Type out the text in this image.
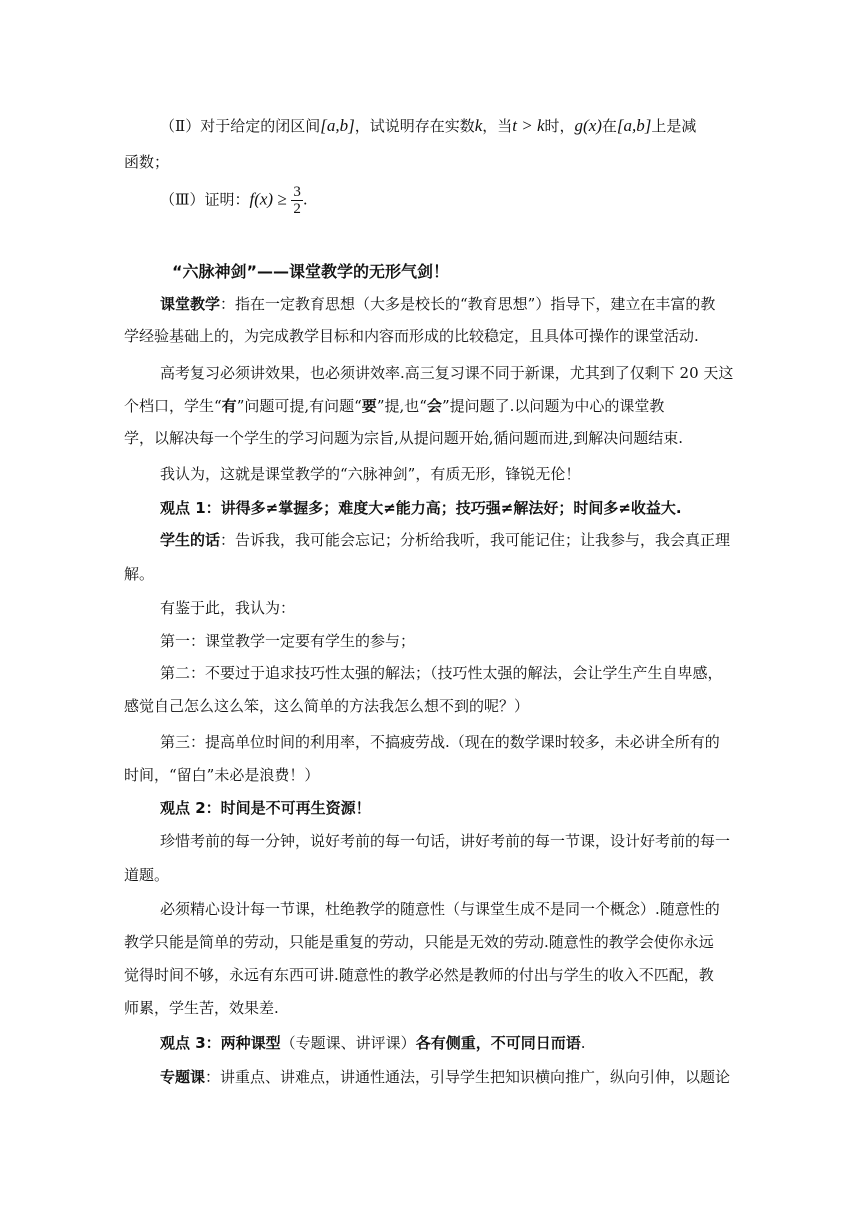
（Ⅱ）对于给定的闭区间[a,b]，试说明存在实数k，当t > k时，g(x)在[a,b]上是减
函数；
（Ⅲ）证明：$f(x) \ge \frac{3}{2}$ .
“六脉神剑”——课堂教学的无形气剑！
课堂教学：指在一定教育思想（大多是校长的“教育思想”）指导下，建立在丰富的教
学经验基础上的，为完成教学目标和内容而形成的比较稳定，且具体可操作的课堂活动.
高考复习必须讲效果，也必须讲效率.高三复习课不同于新课，尤其到了仅剩下 20 天这
个档口，学生“有”问题可提,有问题“要”提,也“会”提问题了.以问题为中心的课堂教
学，以解决每一个学生的学习问题为宗旨,从提问题开始,循问题而进,到解决问题结束.
我认为，这就是课堂教学的“六脉神剑”，有质无形，锋锐无伦！
观点 1：讲得多≠掌握多；难度大≠能力高；技巧强≠解法好；时间多≠收益大.
学生的话：告诉我，我可能会忘记；分析给我听，我可能记住；让我参与，我会真正理
解。
有鉴于此，我认为：
第一：课堂教学一定要有学生的参与；
第二：不要过于追求技巧性太强的解法；（技巧性太强的解法，会让学生产生自卑感，
感觉自己怎么这么笨，这么简单的方法我怎么想不到的呢？）
第三：提高单位时间的利用率，不搞疲劳战.（现在的数学课时较多，未必讲全所有的
时间，“留白”未必是浪费！）
观点 2：时间是不可再生资源！
珍惜考前的每一分钟，说好考前的每一句话，讲好考前的每一节课，设计好考前的每一
道题。
必须精心设计每一节课，杜绝教学的随意性（与课堂生成不是同一个概念）.随意性的
教学只能是简单的劳动，只能是重复的劳动，只能是无效的劳动.随意性的教学会使你永远
觉得时间不够，永远有东西可讲.随意性的教学必然是教师的付出与学生的收入不匹配，教
师累，学生苦，效果差.
观点 3：两种课型（专题课、讲评课）各有侧重，不可同日而语.
专题课：讲重点、讲难点，讲通性通法，引导学生把知识横向推广，纵向引伸，以题论
